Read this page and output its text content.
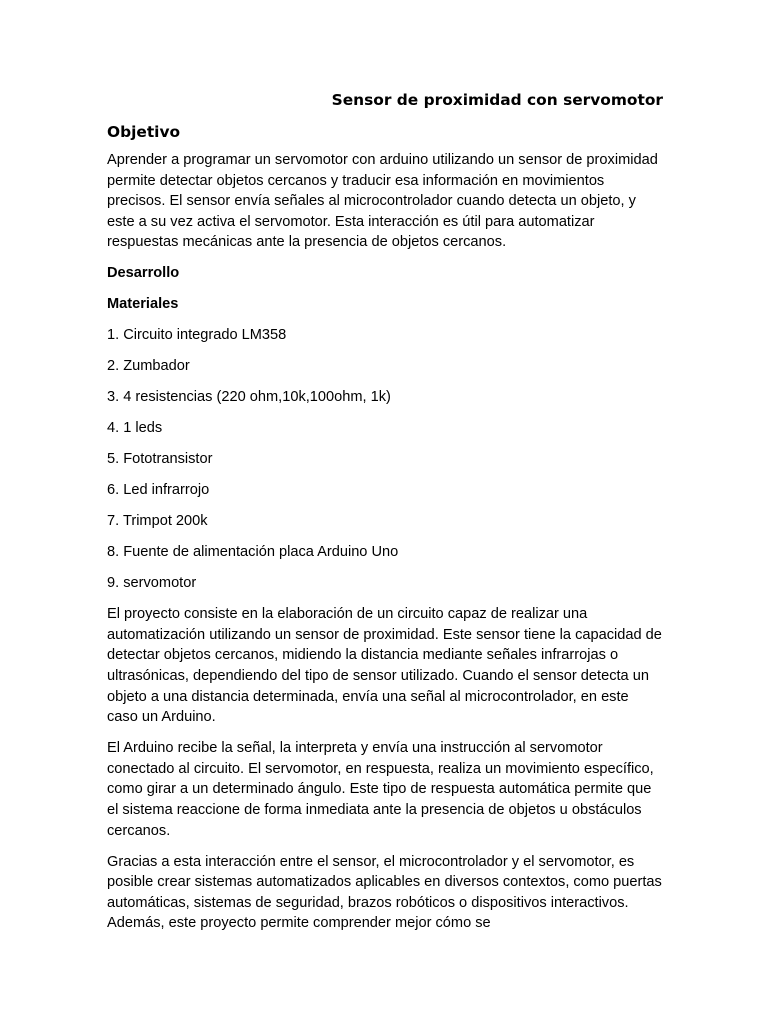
Sensor de proximidad con servomotor
Objetivo

Aprender a programar un servomotor con arduino utilizando un sensor de proximidad permite detectar objetos cercanos y traducir esa información en movimientos precisos. El sensor envía señales al microcontrolador cuando detecta un objeto, y este a su vez activa el servomotor. Esta interacción es útil para automatizar respuestas mecánicas ante la presencia de objetos cercanos.

Desarrollo

Materiales

1. Circuito integrado LM358
2. Zumbador
3. 4 resistencias (220 ohm,10k,100ohm, 1k)
4. 1 leds
5. Fototransistor
6. Led infrarrojo
7. Trimpot 200k
8. Fuente de alimentación placa Arduino Uno
9. servomotor

El proyecto consiste en la elaboración de un circuito capaz de realizar una automatización utilizando un sensor de proximidad. Este sensor tiene la capacidad de detectar objetos cercanos, midiendo la distancia mediante señales infrarrojas o ultrasónicas, dependiendo del tipo de sensor utilizado. Cuando el sensor detecta un objeto a una distancia determinada, envía una señal al microcontrolador, en este caso un Arduino.

El Arduino recibe la señal, la interpreta y envía una instrucción al servomotor conectado al circuito. El servomotor, en respuesta, realiza un movimiento específico, como girar a un determinado ángulo. Este tipo de respuesta automática permite que el sistema reaccione de forma inmediata ante la presencia de objetos u obstáculos cercanos.

Gracias a esta interacción entre el sensor, el microcontrolador y el servomotor, es posible crear sistemas automatizados aplicables en diversos contextos, como puertas automáticas, sistemas de seguridad, brazos robóticos o dispositivos interactivos. Además, este proyecto permite comprender mejor cómo se
